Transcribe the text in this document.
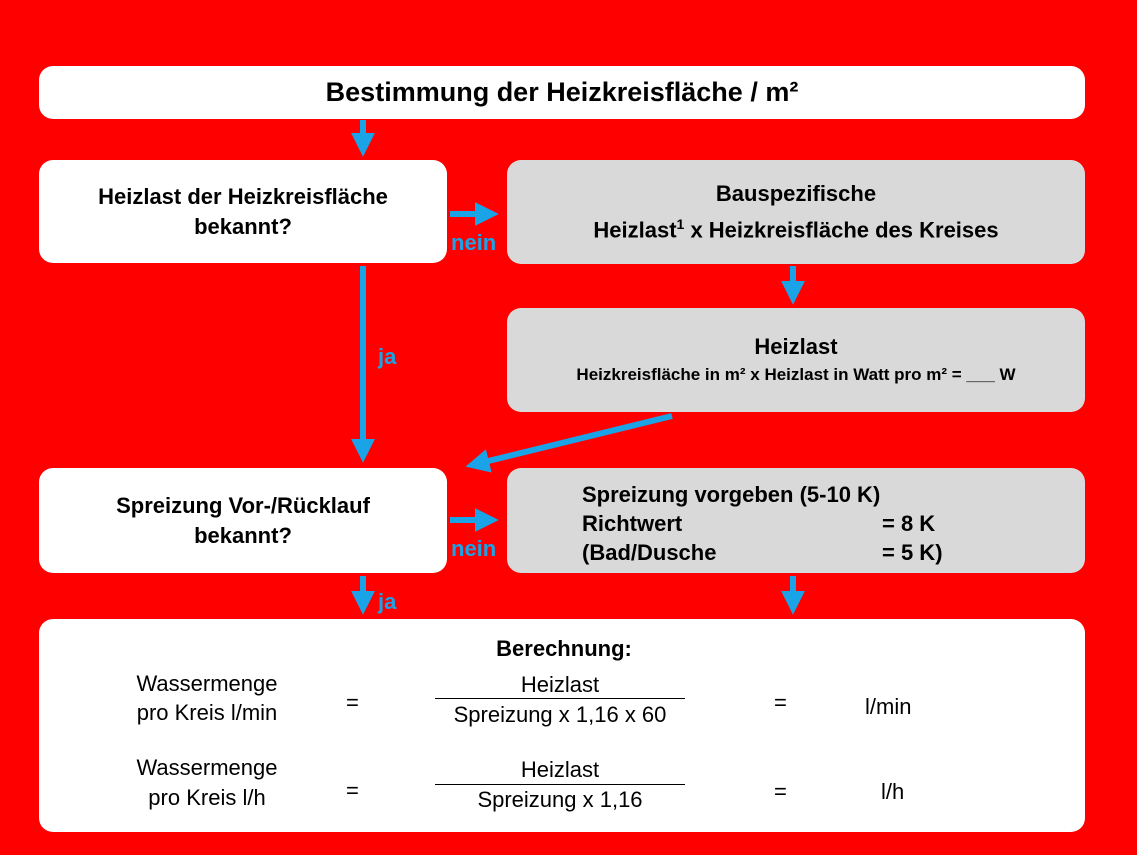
Bestimmung der Heizkreisfläche / m²
Heizlast der Heizkreisfläche
bekannt?
Bauspezifische
Heizlast$^1$ x Heizkreisfläche des Kreises
Heizlast
Heizkreisfläche in m² x Heizlast in Watt pro m² = ___ W
Spreizung Vor-/Rücklauf
bekannt?
Spreizung vorgeben (5-10 K)
Richtwert	= 8 K
(Bad/Dusche	= 5 K)
nein
ja
nein
ja
Berechnung:
Wassermenge
pro Kreis l/min	=
Heizlast
Spreizung x 1,16 x 60	=	l/min
Wassermenge
pro Kreis l/h	=
Heizlast
Spreizung x 1,16	=	l/h
